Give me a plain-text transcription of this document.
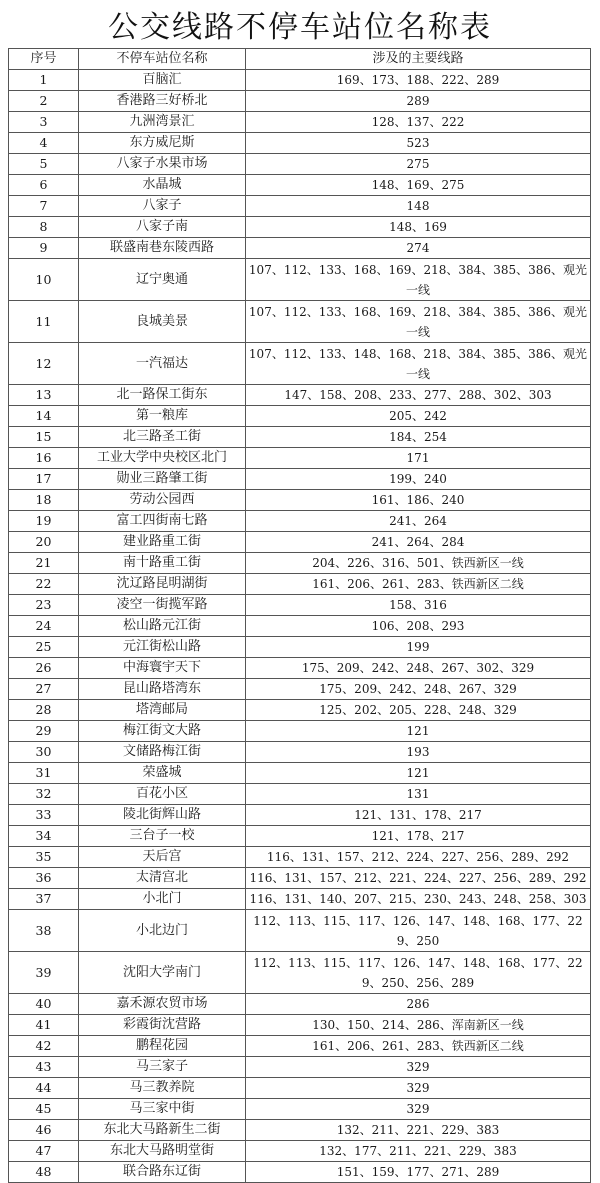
公交线路不停车站位名称表
序号	不停车站位名称	涉及的主要线路
1	百脑汇	169、173、188、222、289
2	香港路三好桥北	289
3	九洲湾景汇	128、137、222
4	东方威尼斯	523
5	八家子水果市场	275
6	水晶城	148、169、275
7	八家子	148
8	八家子南	148、169
9	联盛南巷东陵西路	274
10	辽宁奥通	107、112、133、168、169、218、384、385、386、观光一线
11	良城美景	107、112、133、168、169、218、384、385、386、观光一线
12	一汽福达	107、112、133、148、168、218、384、385、386、观光一线
13	北一路保工街东	147、158、208、233、277、288、302、303
14	第一粮库	205、242
15	北三路圣工街	184、254
16	工业大学中央校区北门	171
17	勋业三路肇工街	199、240
18	劳动公园西	161、186、240
19	富工四街南七路	241、264
20	建业路重工街	241、264、284
21	南十路重工街	204、226、316、501、铁西新区一线
22	沈辽路昆明湖街	161、206、261、283、铁西新区二线
23	凌空一街揽军路	158、316
24	松山路元江街	106、208、293
25	元江街松山路	199
26	中海寰宇天下	175、209、242、248、267、302、329
27	昆山路塔湾东	175、209、242、248、267、329
28	塔湾邮局	125、202、205、228、248、329
29	梅江街文大路	121
30	文储路梅江街	193
31	荣盛城	121
32	百花小区	131
33	陵北街辉山路	121、131、178、217
34	三台子一校	121、178、217
35	天后宫	116、131、157、212、224、227、256、289、292
36	太清宫北	116、131、157、212、221、224、227、256、289、292
37	小北门	116、131、140、207、215、230、243、248、258、303
38	小北边门	112、113、115、117、126、147、148、168、177、229、250
39	沈阳大学南门	112、113、115、117、126、147、148、168、177、229、250、256、289
40	嘉禾源农贸市场	286
41	彩霞街沈营路	130、150、214、286、浑南新区一线
42	鹏程花园	161、206、261、283、铁西新区二线
43	马三家子	329
44	马三教养院	329
45	马三家中街	329
46	东北大马路新生二街	132、211、221、229、383
47	东北大马路明堂街	132、177、211、221、229、383
48	联合路东辽街	151、159、177、271、289
